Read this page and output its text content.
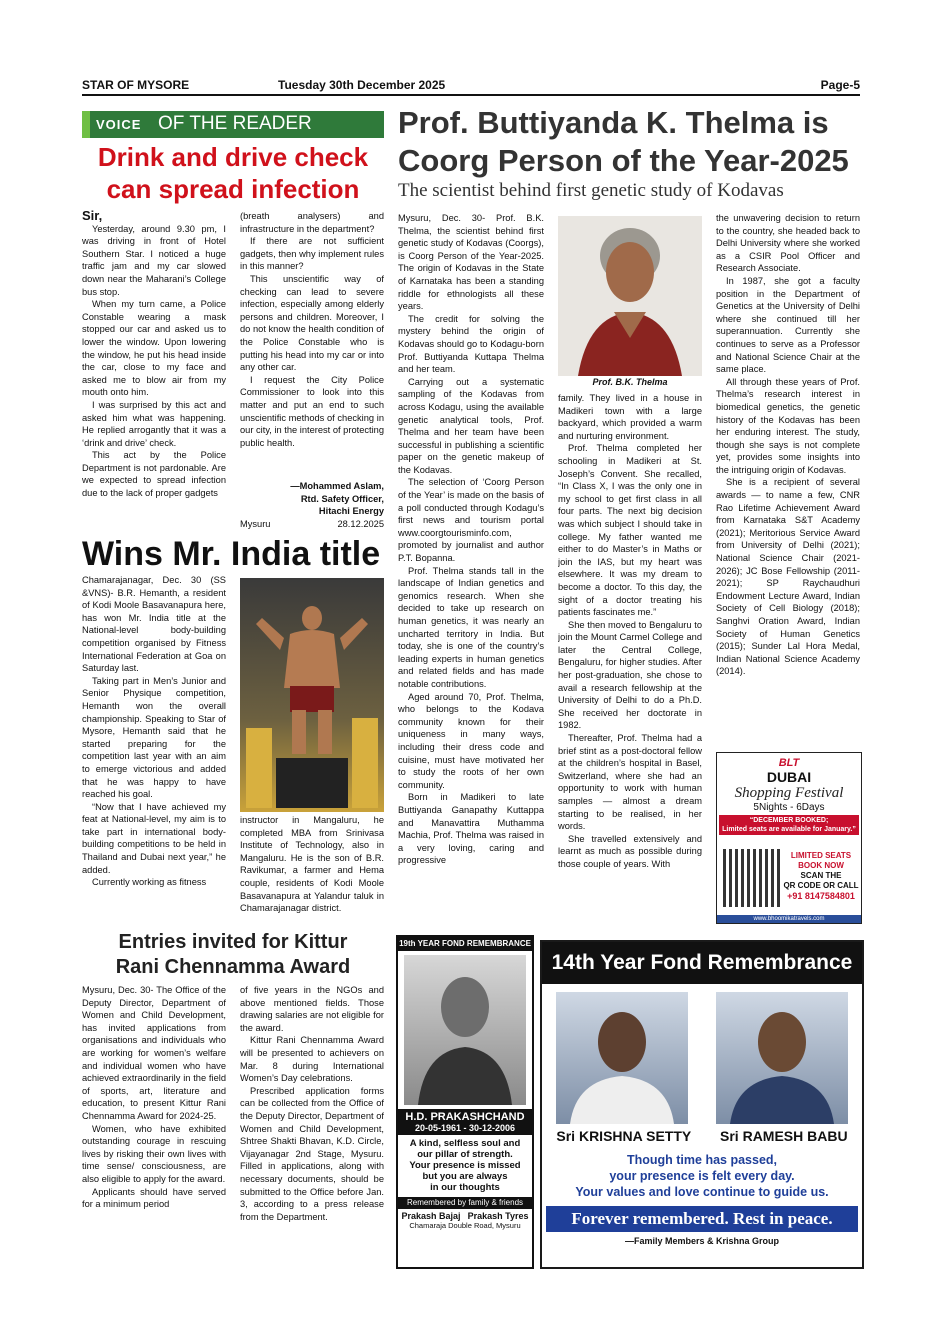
STAR OF MYSORE	Tuesday 30th December 2025	Page-5
VOICE OF THE READER
Drink and drive check
can spread infection

Sir,

Yesterday, around 9.30 pm, I was driving in front of Hotel Southern Star. I noticed a huge traffic jam and my car slowed down near the Maharani’s College bus stop.

When my turn came, a Police Constable wearing a mask stopped our car and asked us to lower the window. Upon lowering the window, he put his head inside the car, close to my face and asked me to blow air from my mouth onto him.

I was surprised by this act and asked him what was happening. He replied arrogantly that it was a ‘drink and drive’ check.

This act by the Police Department is not pardonable. Are we expected to spread infection due to the lack of proper gadgets

(breath analysers) and infrastructure in the department?

If there are not sufficient gadgets, then why implement rules in this manner?

This unscientific way of checking can lead to severe infection, especially among elderly persons and children. Moreover, I do not know the health condition of the Police Constable who is putting his head into my car or into any other car.

I request the City Police Commissioner to look into this matter and put an end to such unscientific methods of checking in our city, in the interest of protecting public health.

—Mohammed Aslam,
Rtd. Safety Officer,
Hitachi Energy
Mysuru	28.12.2025
Wins Mr. India title

Chamarajanagar, Dec. 30 (SS &VNS)- B.R. Hemanth, a resident of Kodi Moole Basavanapura here, has won Mr. India title at the National-level body-building competition organised by Fitness International Federation at Goa on Saturday last.

Taking part in Men’s Junior and Senior Physique competition, Hemanth won the overall championship. Speaking to Star of Mysore, Hemanth said that he started preparing for the competition last year with an aim to emerge victorious and added that he was happy to have reached his goal.

“Now that I have achieved my feat at National-level, my aim is to take part in international body-building competitions to be held in Thailand and Dubai next year,” he added.

Currently working as fitness

instructor in Mangaluru, he completed MBA from Srinivasa Institute of Technology, also in Mangaluru. He is the son of B.R. Ravikumar, a farmer and Hema couple, residents of Kodi Moole Basavanapura at Yalandur taluk in Chamarajanagar district.

Prof. Buttiyanda K. Thelma is
Coorg Person of the Year-2025
The scientist behind first genetic study of Kodavas

Mysuru, Dec. 30- Prof. B.K. Thelma, the scientist behind first genetic study of Kodavas (Coorgs), is Coorg Person of the Year-2025. The origin of Kodavas in the State of Karnataka has been a standing riddle for ethnologists all these years.

The credit for solving the mystery behind the origin of Kodavas should go to Kodagu-born Prof. Buttiyanda Kuttapa Thelma and her team.

Carrying out a systematic sampling of the Kodavas from across Kodagu, using the available genetic analytical tools, Prof. Thelma and her team have been successful in publishing a scientific paper on the genetic makeup of the Kodavas.

The selection of ‘Coorg Person of the Year’ is made on the basis of a poll conducted through Kodagu’s first news and tourism portal www.coorgtourisminfo.com, promoted by journalist and author P.T. Bopanna.

Prof. Thelma stands tall in the landscape of Indian genetics and genomics research. When she decided to take up research on human genetics, it was nearly an uncharted territory in India. But today, she is one of the country’s leading experts in human genetics and related fields and has made notable contributions.

Aged around 70, Prof. Thelma, who belongs to the Kodava community known for their uniqueness in many ways, including their dress code and cuisine, must have motivated her to study the roots of her own community.

Born in Madikeri to late Buttiyanda Ganapathy Kuttappa and Manavattira Muthamma Machia, Prof. Thelma was raised in a very loving, caring and progressive

Prof. B.K. Thelma

family. They lived in a house in Madikeri town with a large backyard, which provided a warm and nurturing environment.

Prof. Thelma completed her schooling in Madikeri at St. Joseph’s Convent. She recalled, “In Class X, I was the only one in my school to get first class in all four parts. The next big decision was which subject I should take in college. My father wanted me either to do Master’s in Maths or join the IAS, but my heart was elsewhere. It was my dream to become a doctor. To this day, the sight of a doctor treating his patients fascinates me.”

She then moved to Bengaluru to join the Mount Carmel College and later the Central College, Bengaluru, for higher studies. After her post-graduation, she chose to avail a research fellowship at the University of Delhi to do a Ph.D. She received her doctorate in 1982.

Thereafter, Prof. Thelma had a brief stint as a post-doctoral fellow at the children’s hospital in Basel, Switzerland, where she had an opportunity to work with human samples — almost a dream starting to be realised, in her words.

She travelled extensively and learnt as much as possible during those couple of years. With

the unwavering decision to return to the country, she headed back to Delhi University where she worked as a CSIR Pool Officer and Research Associate.

In 1987, she got a faculty position in the Department of Genetics at the University of Delhi where she continued till her superannuation. Currently she continues to serve as a Professor and National Science Chair at the same place.

All through these years of Prof. Thelma’s research interest in biomedical genetics, the genetic history of the Kodavas has been her enduring interest. The study, though she says is not complete yet, provides some insights into the intriguing origin of Kodavas.

She is a recipient of several awards — to name a few, CNR Rao Lifetime Achievement Award from Karnataka S&T Academy (2021); Meritorious Service Award from University of Delhi (2021); National Science Chair (2021-2026); JC Bose Fellowship (2011-2021); SP Raychaudhuri Endowment Lecture Award, Indian Society of Cell Biology (2018); Sanghvi Oration Award, Indian Society of Human Genetics (2015); Sunder Lal Hora Medal, Indian National Science Academy (2014).

BLT
DUBAI
Shopping Festival
5Nights - 6Days
“DECEMBER BOOKED;
Limited seats are available for January.”
LIMITED SEATS
BOOK NOW
SCAN THE
QR CODE OR CALL
+91 8147584801
www.bhoomikatravels.com
Entries invited for Kittur
Rani Chennamma Award

Mysuru, Dec. 30- The Office of the Deputy Director, Department of Women and Child Development, has invited applications from organisations and individuals who are working for women’s welfare and individual women who have achieved extraordinarily in the field of sports, art, literature and education, to present Kittur Rani Chennamma Award for 2024-25.

Women, who have exhibited outstanding courage in rescuing lives by risking their own lives with time sense/ consciousness, are also eligible to apply for the award.

Applicants should have served for a minimum period

of five years in the NGOs and above mentioned fields. Those drawing salaries are not eligible for the award.

Kittur Rani Chennamma Award will be presented to achievers on Mar. 8 during International Women’s Day celebrations.

Prescribed application forms can be collected from the Office of the Deputy Director, Department of Women and Child Development, Shtree Shakti Bhavan, K.D. Circle, Vijayanagar 2nd Stage, Mysuru. Filled in applications, along with necessary documents, should be submitted to the Office before Jan. 3, according to a press release from the Department.

19th YEAR FOND REMEMBRANCE
H.D. PRAKASHCHAND
20-05-1961 - 30-12-2006
A kind, selfless soul and
our pillar of strength.
Your presence is missed
but you are always
in our thoughts
Remembered by family & friends
Prakash Bajaj Prakash Tyres
Chamaraja Double Road, Mysuru
14th Year Fond Remembrance
Sri KRISHNA SETTY Sri RAMESH BABU
Though time has passed,
your presence is felt every day.
Your values and love continue to guide us.
Forever remembered. Rest in peace.
—Family Members & Krishna Group
